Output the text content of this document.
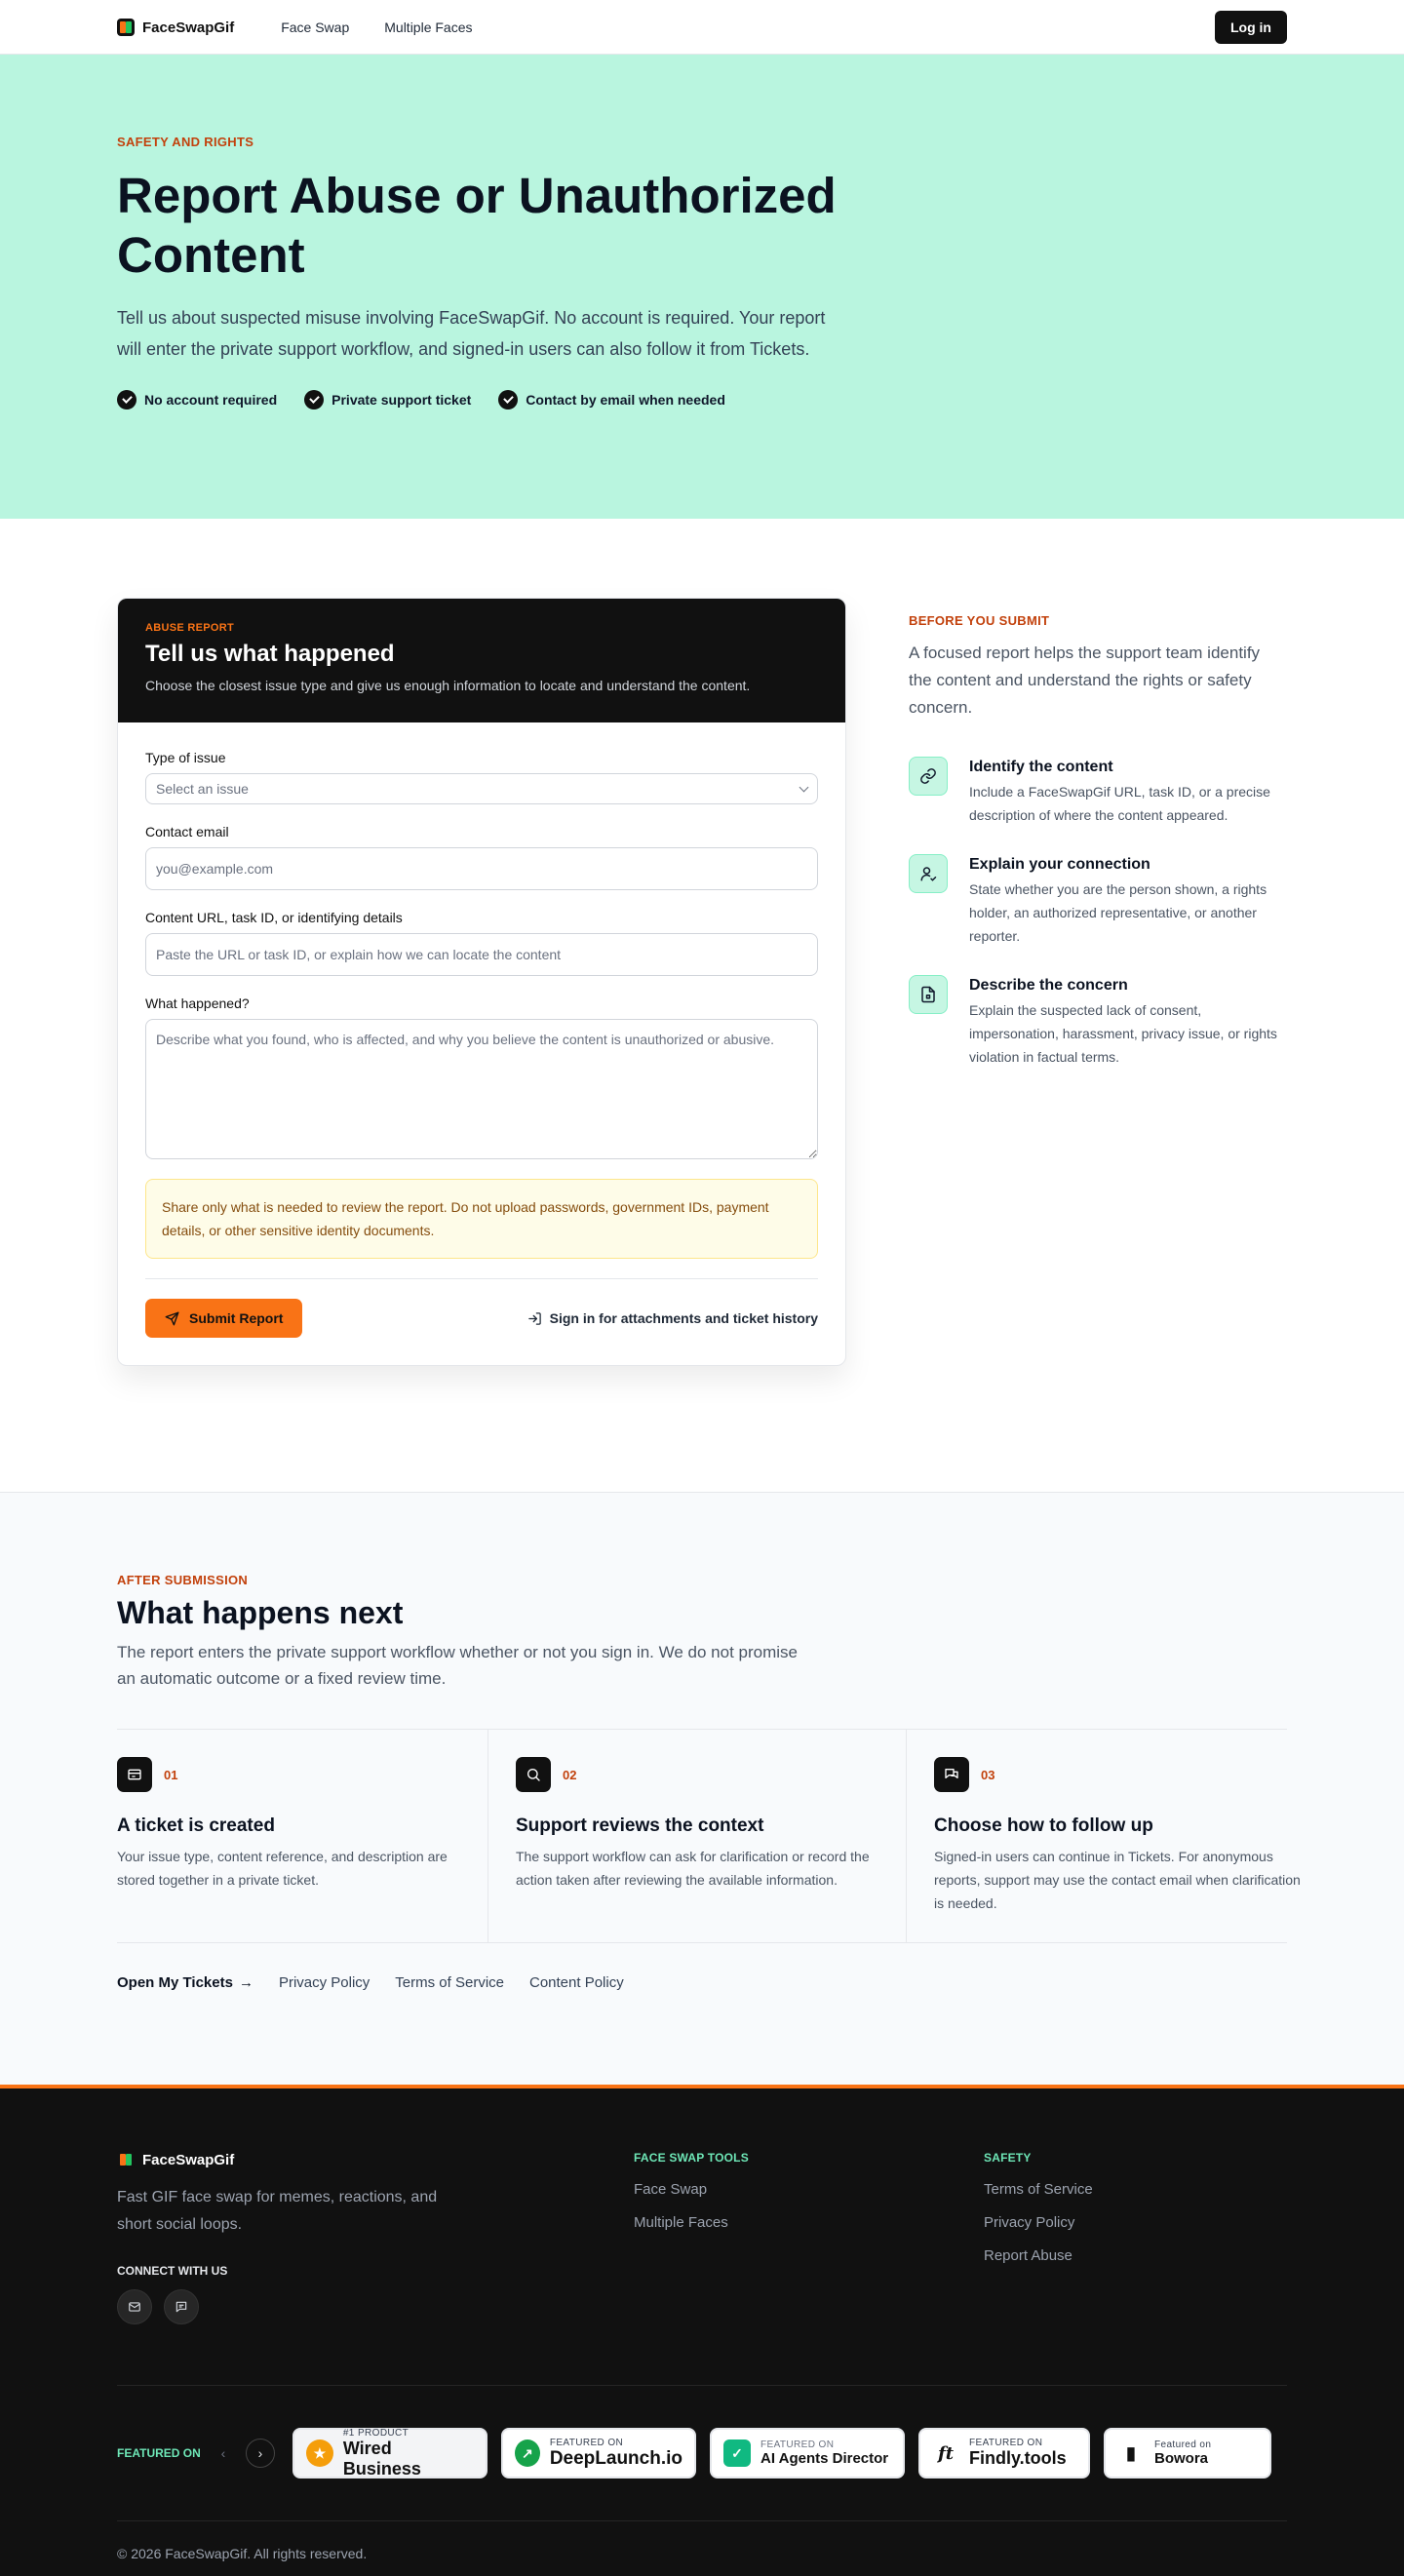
FaceSwapGif	Face Swap	Multiple Faces	Log in
SAFETY AND RIGHTS
Report Abuse or Unauthorized Content

Tell us about suspected misuse involving FaceSwapGif. No account is required. Your report will enter the private support workflow, and signed-in users can also follow it from Tickets.

No account required	Private support ticket	Contact by email when needed
ABUSE REPORT
Tell us what happened

Choose the closest issue type and give us enough information to locate and understand the content.

Type of issue
Select an issue
Contact email
you@example.com
Content URL, task ID, or identifying details
Paste the URL or task ID, or explain how we can locate the content
What happened?
Describe what you found, who is affected, and why you believe the content is unauthorized or abusive.
Share only what is needed to review the report. Do not upload passwords, government IDs, payment details, or other sensitive identity documents.
Submit Report	Sign in for attachments and ticket history
BEFORE YOU SUBMIT

A focused report helps the support team identify the content and understand the rights or safety concern.

Identify the content

Include a FaceSwapGif URL, task ID, or a precise description of where the content appeared.

Explain your connection

State whether you are the person shown, a rights holder, an authorized representative, or another reporter.

Describe the concern

Explain the suspected lack of consent, impersonation, harassment, privacy issue, or rights violation in factual terms.

AFTER SUBMISSION
What happens next

The report enters the private support workflow whether or not you sign in. We do not promise an automatic outcome or a fixed review time.

01
A ticket is created

Your issue type, content reference, and description are stored together in a private ticket.

02
Support reviews the context

The support workflow can ask for clarification or record the action taken after reviewing the available information.

03
Choose how to follow up

Signed-in users can continue in Tickets. For anonymous reports, support may use the contact email when clarification is needed.

Open My Tickets → Privacy Policy Terms of Service Content Policy
FaceSwapGif

Fast GIF face swap for memes, reactions, and short social loops.

CONNECT WITH US
FACE SWAP TOOLS
Face Swap
Multiple Faces
SAFETY
Terms of Service
Privacy Policy
Report Abuse
FEATURED ON	‹	›	★
#1 PRODUCT
Wired Business
↗
FEATURED ON
DeepLaunch.io	✓	FEATURED ON
AI Agents Director	ft	FEATURED ON
Findly.tools	▮	Featured on
Bowora
© 2026 FaceSwapGif. All rights reserved.
